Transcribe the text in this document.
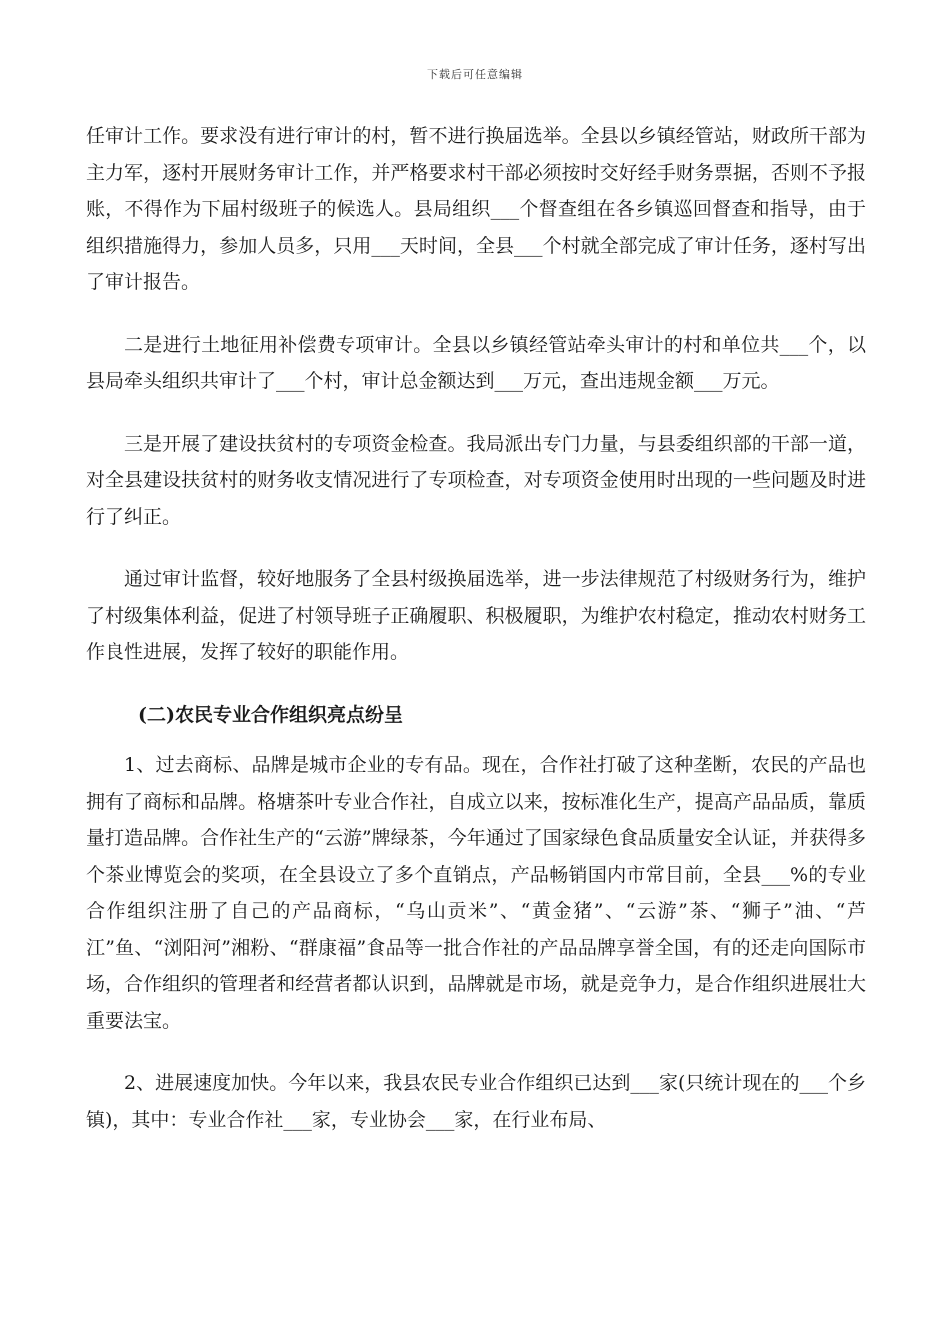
下载后可任意编辑

任审计工作。要求没有进行审计的村，暂不进行换届选举。全县以乡镇经管站，财政所干部为主力军，逐村开展财务审计工作，并严格要求村干部必须按时交好经手财务票据，否则不予报账，不得作为下届村级班子的候选人。县局组织___个督查组在各乡镇巡回督查和指导，由于组织措施得力，参加人员多，只用___天时间，全县___个村就全部完成了审计任务，逐村写出了审计报告。

二是进行土地征用补偿费专项审计。全县以乡镇经管站牵头审计的村和单位共___个，以县局牵头组织共审计了___个村，审计总金额达到___万元，查出违规金额___万元。

三是开展了建设扶贫村的专项资金检查。我局派出专门力量，与县委组织部的干部一道，对全县建设扶贫村的财务收支情况进行了专项检查，对专项资金使用时出现的一些问题及时进行了纠正。

通过审计监督，较好地服务了全县村级换届选举，进一步法律规范了村级财务行为，维护了村级集体利益，促进了村领导班子正确履职、积极履职，为维护农村稳定，推动农村财务工作良性进展，发挥了较好的职能作用。

(二)农民专业合作组织亮点纷呈

1、过去商标、品牌是城市企业的专有品。现在，合作社打破了这种垄断，农民的产品也拥有了商标和品牌。格塘茶叶专业合作社，自成立以来，按标准化生产，提高产品品质，靠质量打造品牌。合作社生产的“云游”牌绿茶，今年通过了国家绿色食品质量安全认证，并获得多个茶业博览会的奖项，在全县设立了多个直销点，产品畅销国内市常目前，全县___%的专业合作组织注册了自己的产品商标，“乌山贡米”、“黄金猪”、“云游”茶、“狮子”油、“芦江”鱼、“浏阳河”湘粉、“群康福”食品等一批合作社的产品品牌享誉全国，有的还走向国际市场，合作组织的管理者和经营者都认识到，品牌就是市场，就是竞争力，是合作组织进展壮大重要法宝。

2、进展速度加快。今年以来，我县农民专业合作组织已达到___家(只统计现在的___个乡镇)，其中：专业合作社___家，专业协会___家，在行业布局、
